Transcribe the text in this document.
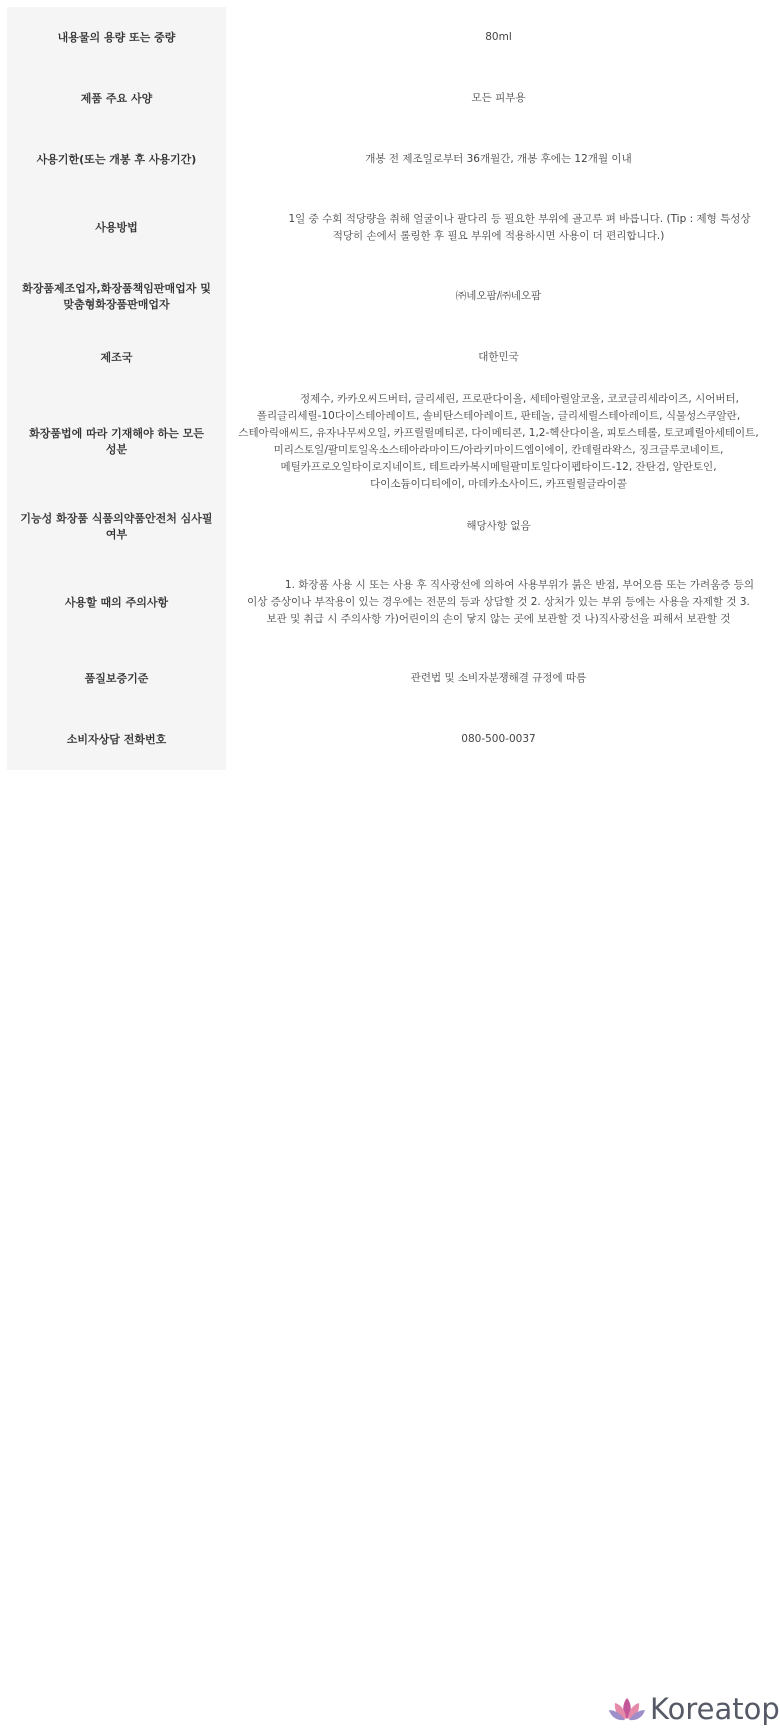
내용물의 용량 또는 중량	80ml
제품 주요 사양	모든 피부용
사용기한(또는 개봉 후 사용기간)	개봉 전 제조일로부터 36개월간, 개봉 후에는 12개월 이내
사용방법	1일 중 수회 적당량을 취해 얼굴이나 팔다리 등 필요한 부위에 골고루 펴 바릅니다. (Tip : 제형 특성상 적당히 손에서 롤링한 후 필요 부위에 적용하시면 사용이 더 편리합니다.)
화장품제조업자,화장품책임판매업자 및 맞춤형화장품판매업자	㈜네오팜/㈜네오팜
제조국	대한민국
화장품법에 따라 기재해야 하는 모든 성분	정제수, 카카오씨드버터, 글리세린, 프로판다이올, 세테아릴알코올, 코코글리세라이즈, 시어버터, 폴리글리세릴-10다이스테아레이트, 솔비탄스테아레이트, 판테놀, 글리세릴스테아레이트, 식물성스쿠알란, 스테아릭애씨드, 유자나무씨오일, 카프릴릴메티콘, 다이메티콘, 1,2-헥산다이올, 피토스테롤, 토코페릴아세테이트, 미리스토일/팔미토일옥소스테아라마이드/아라키마이드엠이에이, 칸데릴라왁스, 징크글루코네이트, 메틸카프로오일타이로지네이트, 테트라카복시메틸팔미토일다이펩타이드-12, 잔탄검, 알란토인, 다이소듐이디티에이, 마데카소사이드, 카프릴릴글라이콜
기능성 화장품 식품의약품안전처 심사필 여부	해당사항 없음
사용할 때의 주의사항	1. 화장품 사용 시 또는 사용 후 직사광선에 의하여 사용부위가 붉은 반점, 부어오름 또는 가려움증 등의 이상 증상이나 부작용이 있는 경우에는 전문의 등과 상담할 것 2. 상처가 있는 부위 등에는 사용을 자제할 것 3. 보관 및 취급 시 주의사항 가)어린이의 손이 닿지 않는 곳에 보관할 것 나)직사광선을 피해서 보관할 것
품질보증기준	관련법 및 소비자분쟁해결 규정에 따름
소비자상담 전화번호	080-500-0037
Koreatop
